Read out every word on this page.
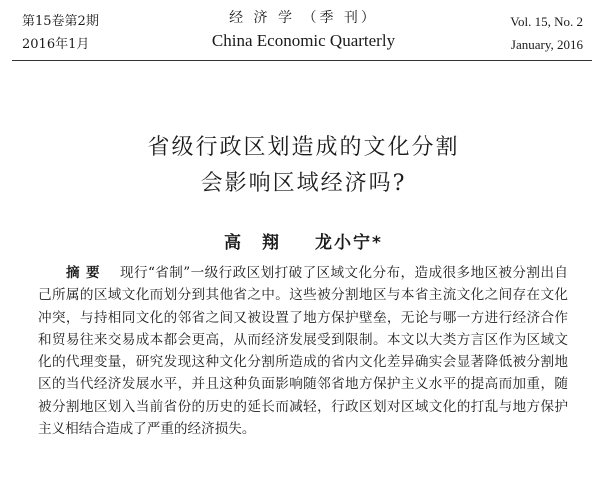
第15卷第2期
2016年1月
经 济 学 （季 刊）
China Economic Quarterly
Vol. 15, No. 2
January, 2016
省级行政区划造成的文化分割
会影响区域经济吗?
高　翔 龙小宁*
摘要 现行“省制”一级行政区划打破了区域文化分布，造成很多地区被分割出自己所属的区域文化而划分到其他省之中。这些被分割地区与本省主流文化之间存在文化冲突，与持相同文化的邻省之间又被设置了地方保护壁垒，无论与哪一方进行经济合作和贸易往来交易成本都会更高，从而经济发展受到限制。本文以大类方言区作为区域文化的代理变量，研究发现这种文化分割所造成的省内文化差异确实会显著降低被分割地区的当代经济发展水平，并且这种负面影响随邻省地方保护主义水平的提高而加重，随被分割地区划入当前省份的历史的延长而减轻，行政区划对区域文化的打乱与地方保护主义相结合造成了严重的经济损失。
